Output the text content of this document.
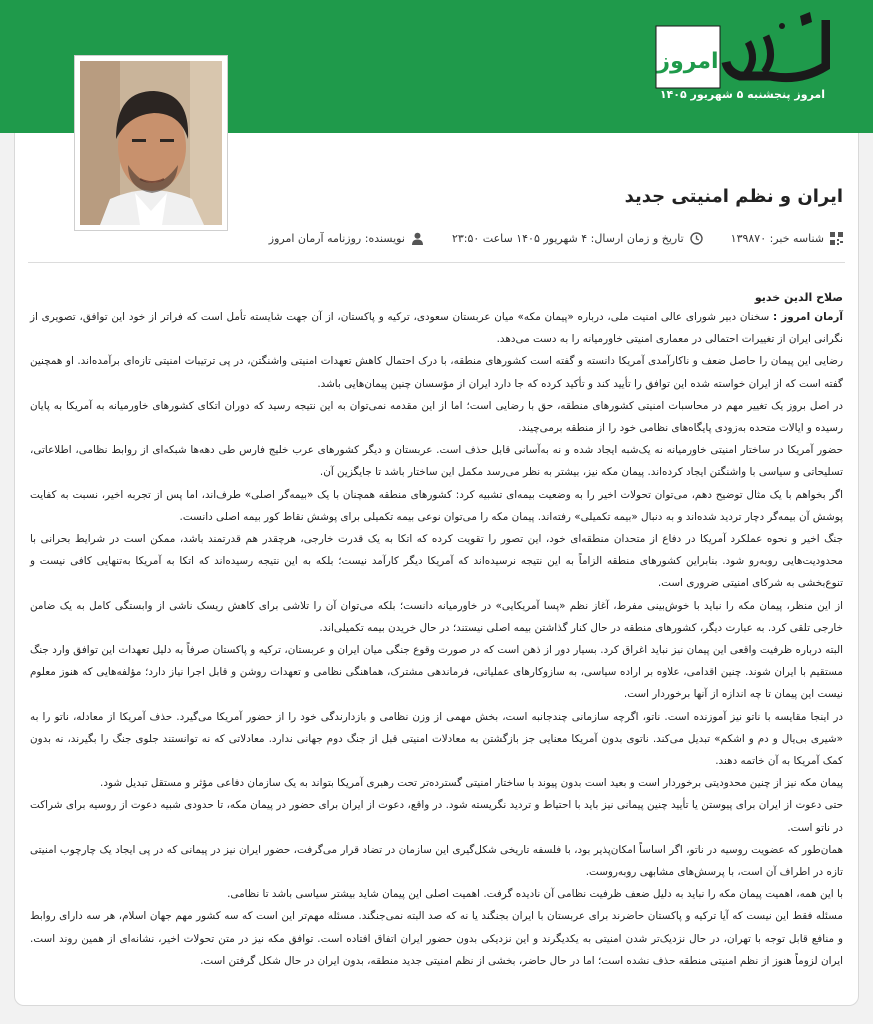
امروز
امروز پنجشنبه ۵ شهریور ۱۴۰۵
ایران و نظم امنیتی جدید
شناسه خبر: ۱۳۹۸۷۰
تاریخ و زمان ارسال: ۴ شهریور ۱۴۰۵ ساعت ۲۳:۵۰
نویسنده: روزنامه آرمان امروز
صلاح الدین خدیو

آرمان امروز : سخنان دبیر شورای عالی امنیت ملی، درباره «پیمان مکه» میان عربستان سعودی، ترکیه و پاکستان، از آن جهت شایسته تأمل است که فراتر از خود این توافق، تصویری از نگرانی ایران از تغییرات احتمالی در معماری امنیتی خاورمیانه را به دست می‌دهد.

رضایی این پیمان را حاصل ضعف و ناکارآمدی آمریکا دانسته و گفته است کشورهای منطقه، با درک احتمال کاهش تعهدات امنیتی واشنگتن، در پی ترتیبات امنیتی تازه‌ای برآمده‌اند. او همچنین گفته است که از ایران خواسته شده این توافق را تأیید کند و تأکید کرده که جا دارد ایران از مؤسسان چنین پیمان‌هایی باشد.

در اصل بروز یک تغییر مهم در محاسبات امنیتی کشورهای منطقه، حق با رضایی است؛ اما از این مقدمه نمی‌توان به این نتیجه رسید که دوران اتکای کشورهای خاورمیانه به آمریکا به پایان رسیده و ایالات متحده به‌زودی پایگاه‌های نظامی خود را از منطقه برمی‌چیند.

حضور آمریکا در ساختار امنیتی خاورمیانه نه یک‌شبه ایجاد شده و نه به‌آسانی قابل حذف است. عربستان و دیگر کشورهای عرب خلیج فارس طی دهه‌ها شبکه‌ای از روابط نظامی، اطلاعاتی، تسلیحاتی و سیاسی با واشنگتن ایجاد کرده‌اند. پیمان مکه نیز، بیشتر به نظر می‌رسد مکمل این ساختار باشد تا جایگزین آن.

اگر بخواهم با یک مثال توضیح دهم، می‌توان تحولات اخیر را به وضعیت بیمه‌ای تشبیه کرد: کشورهای منطقه همچنان با یک «بیمه‌گر اصلی» طرف‌اند، اما پس از تجربه اخیر، نسبت به کفایت پوشش آن بیمه‌گر دچار تردید شده‌اند و به دنبال «بیمه تکمیلی» رفته‌اند. پیمان مکه را می‌توان نوعی بیمه تکمیلی برای پوشش نقاط کور بیمه اصلی دانست.

جنگ اخیر و نحوه عملکرد آمریکا در دفاع از متحدان منطقه‌ای خود، این تصور را تقویت کرده که اتکا به یک قدرت خارجی، هرچقدر هم قدرتمند باشد، ممکن است در شرایط بحرانی با محدودیت‌هایی روبه‌رو شود. بنابراین کشورهای منطقه الزاماً به این نتیجه نرسیده‌اند که آمریکا دیگر کارآمد نیست؛ بلکه به این نتیجه رسیده‌اند که اتکا به آمریکا به‌تنهایی کافی نیست و تنوع‌بخشی به شرکای امنیتی ضروری است.

از این منظر، پیمان مکه را نباید با خوش‌بینی مفرط، آغاز نظم «پسا آمریکایی» در خاورمیانه دانست؛ بلکه می‌توان آن را تلاشی برای کاهش ریسک ناشی از وابستگی کامل به یک ضامن خارجی تلقی کرد. به عبارت دیگر، کشورهای منطقه در حال کنار گذاشتن بیمه اصلی نیستند؛ در حال خریدن بیمه تکمیلی‌اند.

البته درباره ظرفیت واقعی این پیمان نیز نباید اغراق کرد. بسیار دور از ذهن است که در صورت وقوع جنگی میان ایران و عربستان، ترکیه و پاکستان صرفاً به دلیل تعهدات این توافق وارد جنگ مستقیم با ایران شوند. چنین اقدامی، علاوه بر اراده سیاسی، به سازوکارهای عملیاتی، فرماندهی مشترک، هماهنگی نظامی و تعهدات روشن و قابل اجرا نیاز دارد؛ مؤلفه‌هایی که هنوز معلوم نیست این پیمان تا چه اندازه از آنها برخوردار است.

در اینجا مقایسه با ناتو نیز آموزنده است. ناتو، اگرچه سازمانی چندجانبه است، بخش مهمی از وزن نظامی و بازدارندگی خود را از حضور آمریکا می‌گیرد. حذف آمریکا از معادله، ناتو را به «شیری بی‌یال و دم و اشکم» تبدیل می‌کند. ناتوی بدون آمریکا معنایی جز بازگشتن به معادلات امنیتی قبل از جنگ دوم جهانی ندارد. معادلاتی که نه توانستند جلوی جنگ را بگیرند، نه بدون کمک آمریکا به آن خاتمه دهند.

پیمان مکه نیز از چنین محدودیتی برخوردار است و بعید است بدون پیوند با ساختار امنیتی گسترده‌تر تحت رهبری آمریکا بتواند به یک سازمان دفاعی مؤثر و مستقل تبدیل شود.

حتی دعوت از ایران برای پیوستن یا تأیید چنین پیمانی نیز باید با احتیاط و تردید نگریسته شود. در واقع، دعوت از ایران برای حضور در پیمان مکه، تا حدودی شبیه دعوت از روسیه برای شراکت در ناتو است.

همان‌طور که عضویت روسیه در ناتو، اگر اساساً امکان‌پذیر بود، با فلسفه تاریخی شکل‌گیری این سازمان در تضاد قرار می‌گرفت، حضور ایران نیز در پیمانی که در پی ایجاد یک چارچوب امنیتی تازه در اطراف آن است، با پرسش‌های مشابهی روبه‌روست.

با این همه، اهمیت پیمان مکه را نباید به دلیل ضعف ظرفیت نظامی آن نادیده گرفت. اهمیت اصلی این پیمان شاید بیشتر سیاسی باشد تا نظامی.

مسئله فقط این نیست که آیا ترکیه و پاکستان حاضرند برای عربستان با ایران بجنگند یا نه که صد البته نمی‌جنگند. مسئله مهم‌تر این است که سه کشور مهم جهان اسلام، هر سه دارای روابط و منافع قابل توجه با تهران، در حال نزدیک‌تر شدن امنیتی به یکدیگرند و این نزدیکی بدون حضور ایران اتفاق افتاده است. توافق مکه نیز در متن تحولات اخیر، نشانه‌ای از همین روند است. ایران لزوماً هنوز از نظم امنیتی منطقه حذف نشده است؛ اما در حال حاضر، بخشی از نظم امنیتی جدید منطقه، بدون ایران در حال شکل گرفتن است.
